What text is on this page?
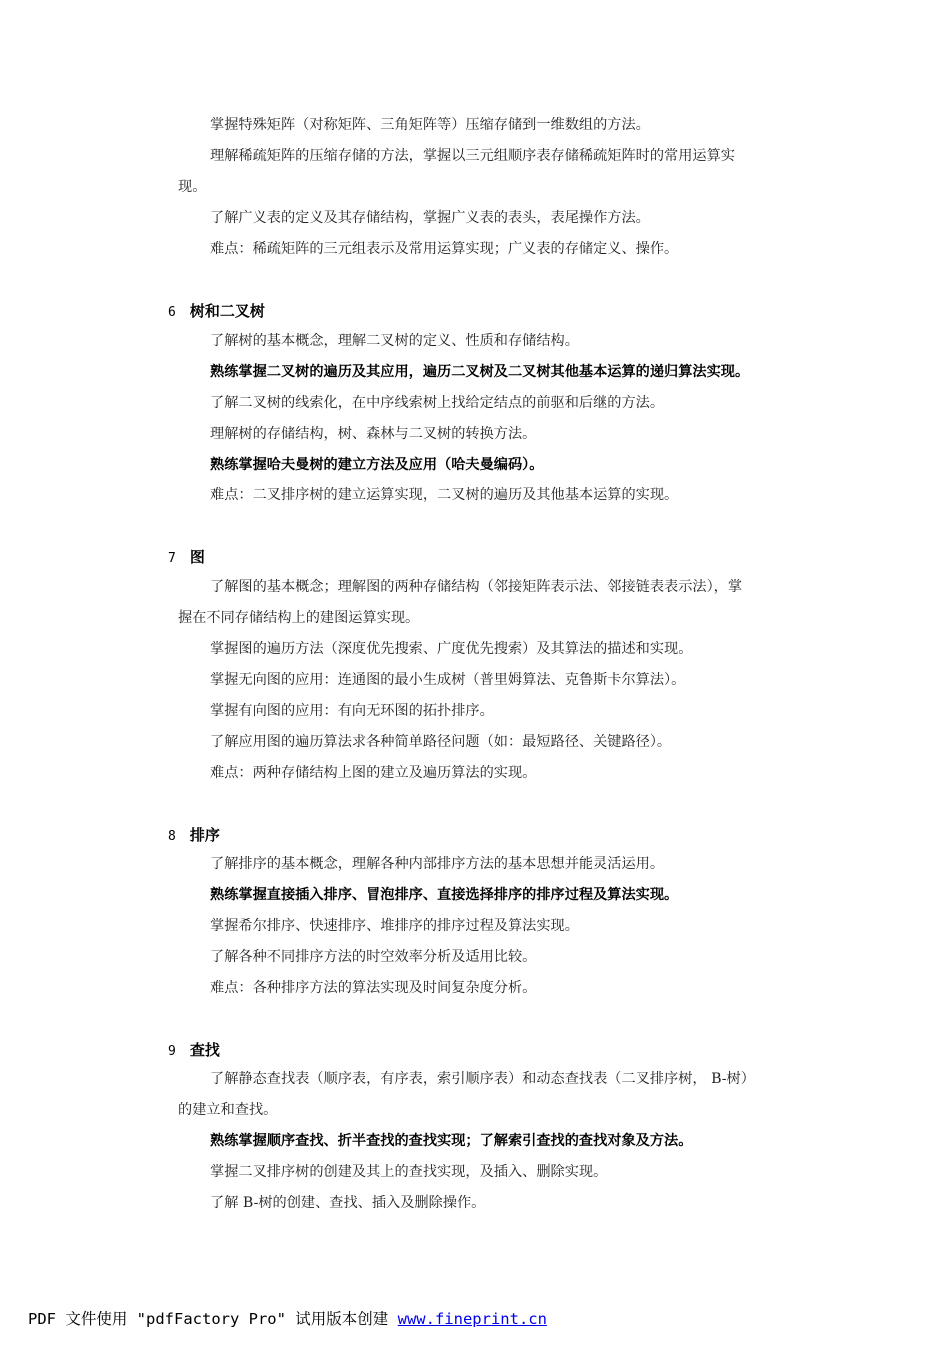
掌握特殊矩阵（对称矩阵、三角矩阵等）压缩存储到一维数组的方法。
理解稀疏矩阵的压缩存储的方法，掌握以三元组顺序表存储稀疏矩阵时的常用运算实
现。
了解广义表的定义及其存储结构，掌握广义表的表头，表尾操作方法。
难点：稀疏矩阵的三元组表示及常用运算实现；广义表的存储定义、操作。
6 树和二叉树
了解树的基本概念，理解二叉树的定义、性质和存储结构。
熟练掌握二叉树的遍历及其应用，遍历二叉树及二叉树其他基本运算的递归算法实现。
了解二叉树的线索化，在中序线索树上找给定结点的前驱和后继的方法。
理解树的存储结构，树、森林与二叉树的转换方法。
熟练掌握哈夫曼树的建立方法及应用（哈夫曼编码）。
难点：二叉排序树的建立运算实现，二叉树的遍历及其他基本运算的实现。
7 图
了解图的基本概念；理解图的两种存储结构（邻接矩阵表示法、邻接链表表示法），掌
握在不同存储结构上的建图运算实现。
掌握图的遍历方法（深度优先搜索、广度优先搜索）及其算法的描述和实现。
掌握无向图的应用：连通图的最小生成树（普里姆算法、克鲁斯卡尔算法）。
掌握有向图的应用：有向无环图的拓扑排序。
了解应用图的遍历算法求各种简单路径问题（如：最短路径、关键路径）。
难点：两种存储结构上图的建立及遍历算法的实现。
8 排序
了解排序的基本概念，理解各种内部排序方法的基本思想并能灵活运用。
熟练掌握直接插入排序、冒泡排序、直接选择排序的排序过程及算法实现。
掌握希尔排序、快速排序、堆排序的排序过程及算法实现。
了解各种不同排序方法的时空效率分析及适用比较。
难点：各种排序方法的算法实现及时间复杂度分析。
9 查找
了解静态查找表（顺序表，有序表，索引顺序表）和动态查找表（二叉排序树， B-树）
的建立和查找。
熟练掌握顺序查找、折半查找的查找实现；了解索引查找的查找对象及方法。
掌握二叉排序树的创建及其上的查找实现，及插入、删除实现。
了解 B-树的创建、查找、插入及删除操作。
PDF 文件使用 "pdfFactory Pro" 试用版本创建 www.fineprint.cn
